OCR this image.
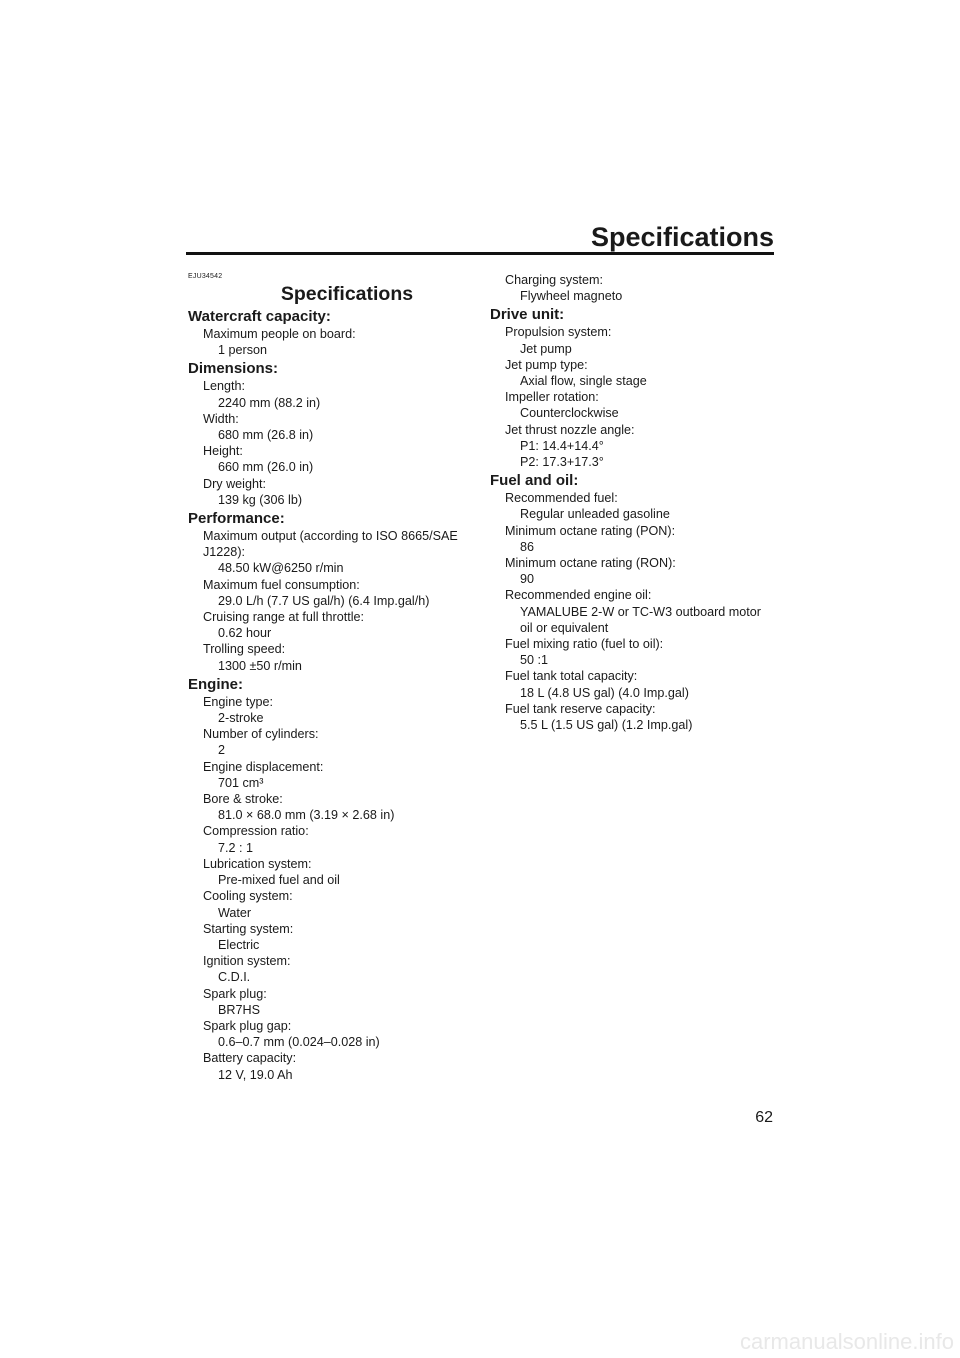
Specifications
EJU34542
Specifications
Watercraft capacity:
Maximum people on board:
1 person
Dimensions:
Length:
2240 mm (88.2 in)
Width:
680 mm (26.8 in)
Height:
660 mm (26.0 in)
Dry weight:
139 kg (306 lb)
Performance:
Maximum output (according to ISO 8665/SAE
J1228):
48.50 kW@6250 r/min
Maximum fuel consumption:
29.0 L/h (7.7 US gal/h) (6.4 Imp.gal/h)
Cruising range at full throttle:
0.62 hour
Trolling speed:
1300 ±50 r/min
Engine:
Engine type:
2-stroke
Number of cylinders:
2
Engine displacement:
701 cm³
Bore & stroke:
81.0 × 68.0 mm (3.19 × 2.68 in)
Compression ratio:
7.2 : 1
Lubrication system:
Pre-mixed fuel and oil
Cooling system:
Water
Starting system:
Electric
Ignition system:
C.D.I.
Spark plug:
BR7HS
Spark plug gap:
0.6–0.7 mm (0.024–0.028 in)
Battery capacity:
12 V, 19.0 Ah
Charging system:
Flywheel magneto
Drive unit:
Propulsion system:
Jet pump
Jet pump type:
Axial flow, single stage
Impeller rotation:
Counterclockwise
Jet thrust nozzle angle:
P1: 14.4+14.4°
P2: 17.3+17.3°
Fuel and oil:
Recommended fuel:
Regular unleaded gasoline
Minimum octane rating (PON):
86
Minimum octane rating (RON):
90
Recommended engine oil:
YAMALUBE 2-W or TC-W3 outboard motor
oil or equivalent
Fuel mixing ratio (fuel to oil):
50 :1
Fuel tank total capacity:
18 L (4.8 US gal) (4.0 Imp.gal)
Fuel tank reserve capacity:
5.5 L (1.5 US gal) (1.2 Imp.gal)
62
carmanualsonline.info
